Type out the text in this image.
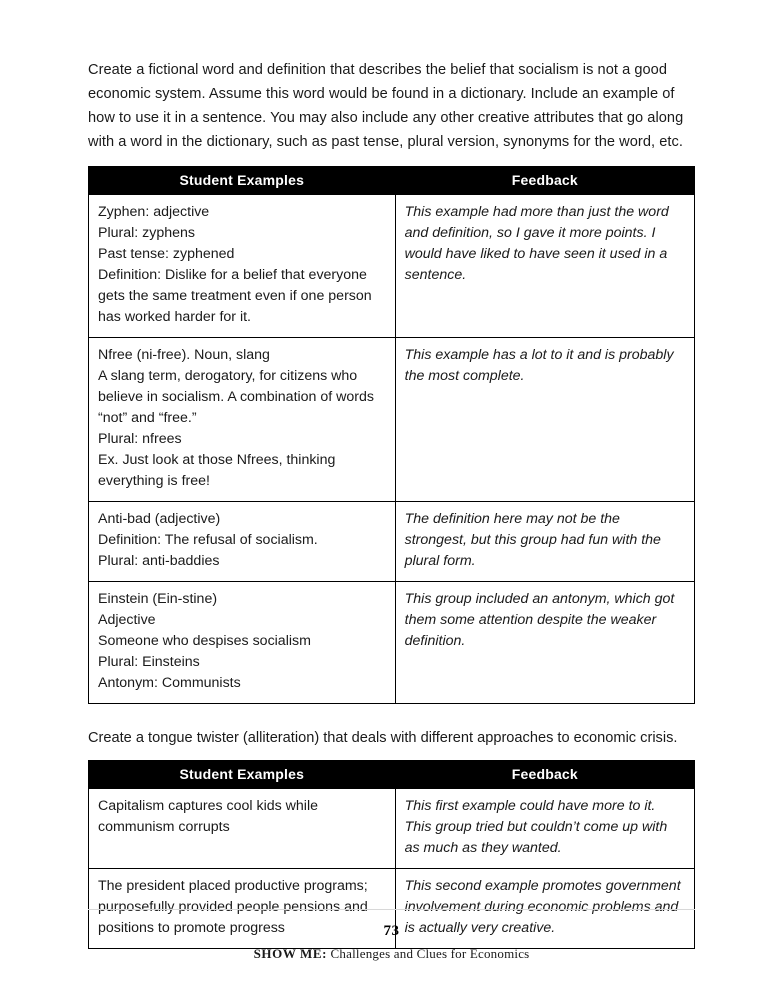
Create a fictional word and definition that describes the belief that socialism is not a good economic system. Assume this word would be found in a dictionary. Include an example of how to use it in a sentence. You may also include any other creative attributes that go along with a word in the dictionary, such as past tense, plural version, synonyms for the word, etc.

Student Examples	Feedback

Zyphen: adjective
Plural: zyphens
Past tense: zyphened
Definition: Dislike for a belief that everyone gets the same treatment even if one person has worked harder for it.	This example had more than just the word and definition, so I gave it more points. I would have liked to have seen it used in a sentence.

Nfree (ni-free). Noun, slang
A slang term, derogatory, for citizens who believe in socialism. A combination of words “not” and “free.”
Plural: nfrees
Ex. Just look at those Nfrees, thinking everything is free!	This example has a lot to it and is probably the most complete.

Anti-bad (adjective)
Definition: The refusal of socialism.
Plural: anti-baddies	The definition here may not be the strongest, but this group had fun with the plural form.

Einstein (Ein-stine)
Adjective
Someone who despises socialism
Plural: Einsteins
Antonym: Communists	This group included an antonym, which got them some attention despite the weaker definition.

Create a tongue twister (alliteration) that deals with different approaches to economic crisis.

Student Examples	Feedback

Capitalism captures cool kids while communism corrupts	This first example could have more to it. This group tried but couldn’t come up with as much as they wanted.

The president placed productive programs; purposefully provided people pensions and positions to promote progress	This second example promotes government involvement during economic problems and is actually very creative.
73
SHOW ME: Challenges and Clues for Economics
